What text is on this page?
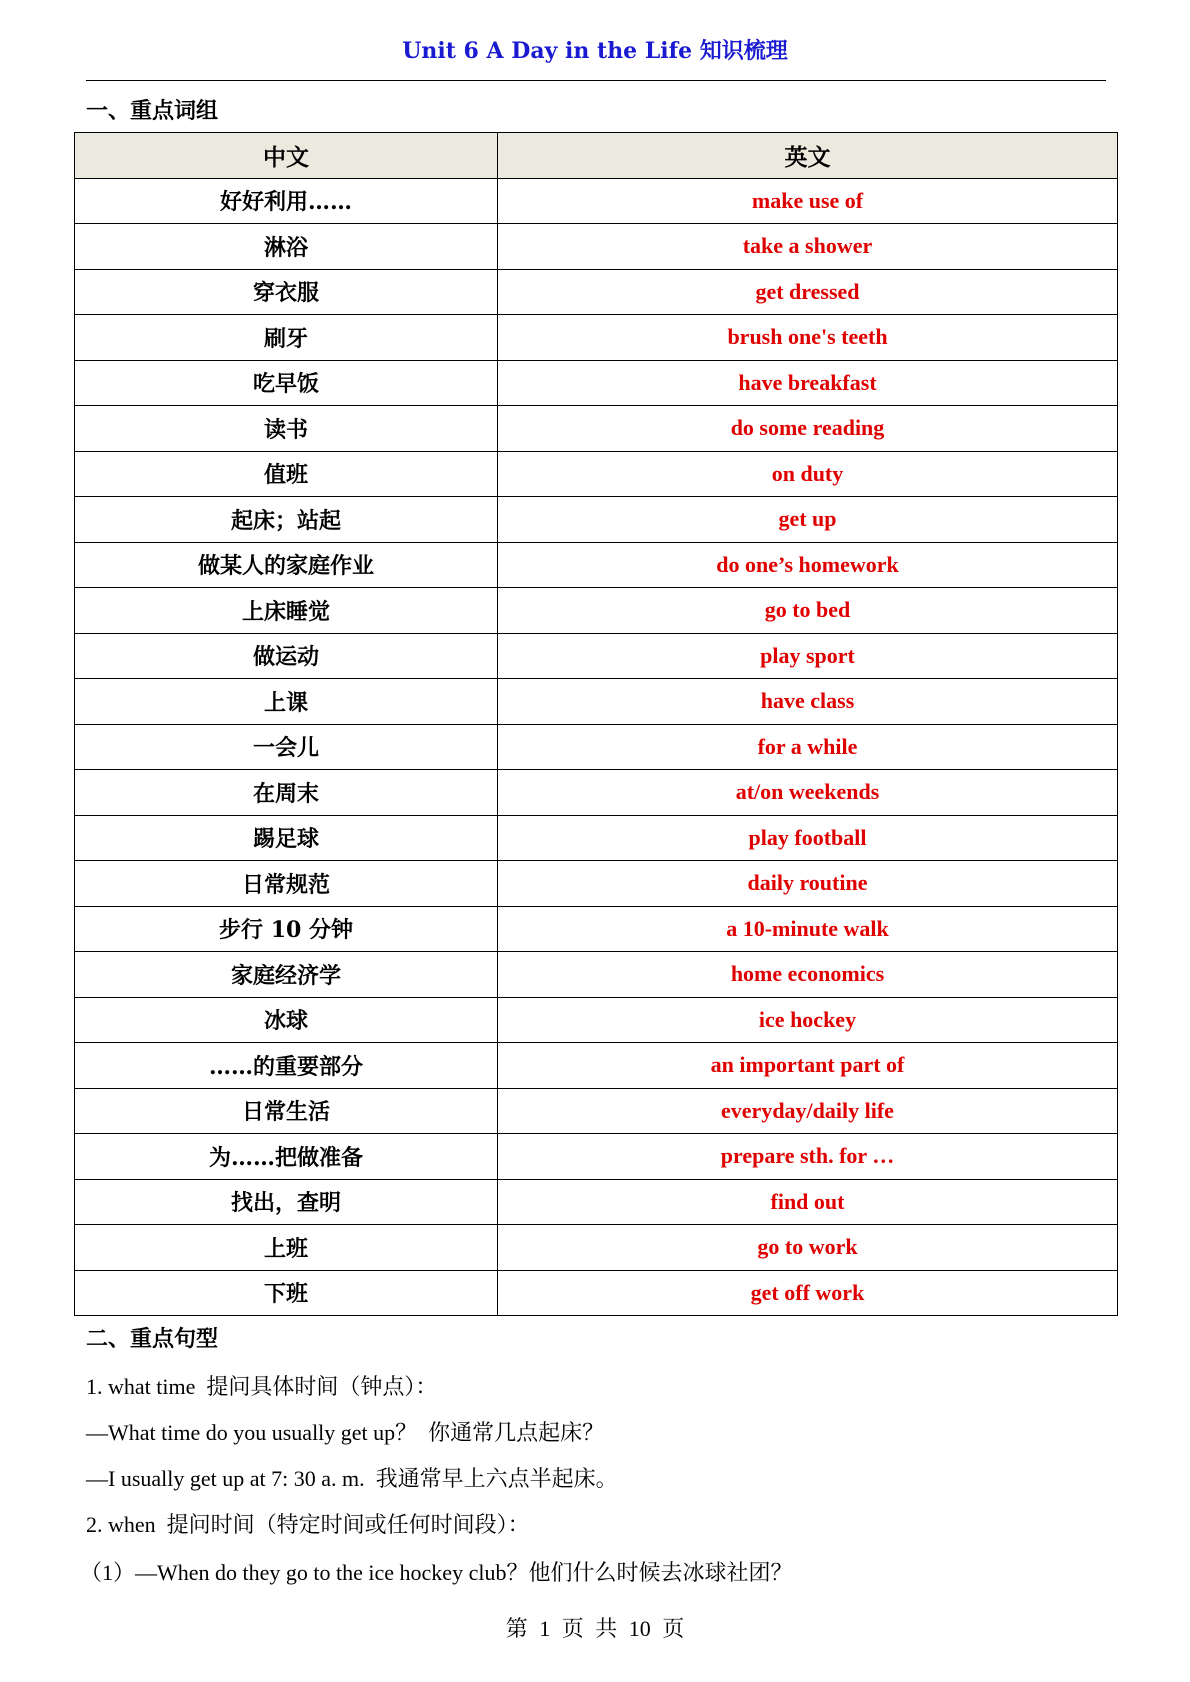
Unit 6 A Day in the Life 知识梳理
一、重点词组
中文	英文
好好利用……	make use of
淋浴	take a shower
穿衣服	get dressed
刷牙	brush one's teeth
吃早饭	have breakfast
读书	do some reading
值班	on duty
起床；站起	get up
做某人的家庭作业	do one’s homework
上床睡觉	go to bed
做运动	play sport
上课	have class
一会儿	for a while
在周末	at/on weekends
踢足球	play football
日常规范	daily routine
步行 10 分钟	a 10-minute walk
家庭经济学	home economics
冰球	ice hockey
……的重要部分	an important part of
日常生活	everyday/daily life
为……把做准备	prepare sth. for …
找出，查明	find out
上班	go to work
下班	get off work
二、重点句型
1. what time  提问具体时间（钟点）：
—What time do you usually get up？  你通常几点起床？
—I usually get up at 7: 30 a. m.  我通常早上六点半起床。
2. when  提问时间（特定时间或任何时间段）：
（1）—When do they go to the ice hockey club？他们什么时候去冰球社团？
第 1 页 共 10 页
